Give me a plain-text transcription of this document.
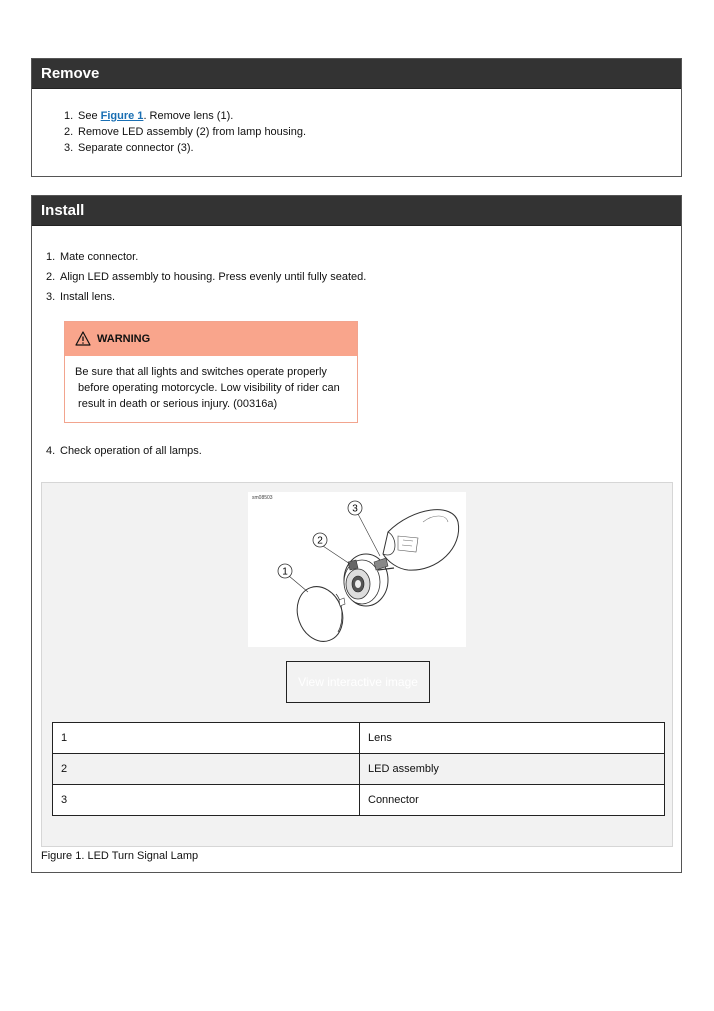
Remove
1. See Figure 1. Remove lens (1).
2. Remove LED assembly (2) from lamp housing.
3. Separate connector (3).
Install
1. Mate connector.
2. Align LED assembly to housing. Press evenly until fully seated.
3. Install lens.
WARNING
Be sure that all lights and switches operate properly
before operating motorcycle. Low visibility of rider can
result in death or serious injury. (00316a)
4. Check operation of all lamps.
sm08503
3
2
1
View interactive image
1	Lens
2	LED assembly
3	Connector
Figure 1. LED Turn Signal Lamp
